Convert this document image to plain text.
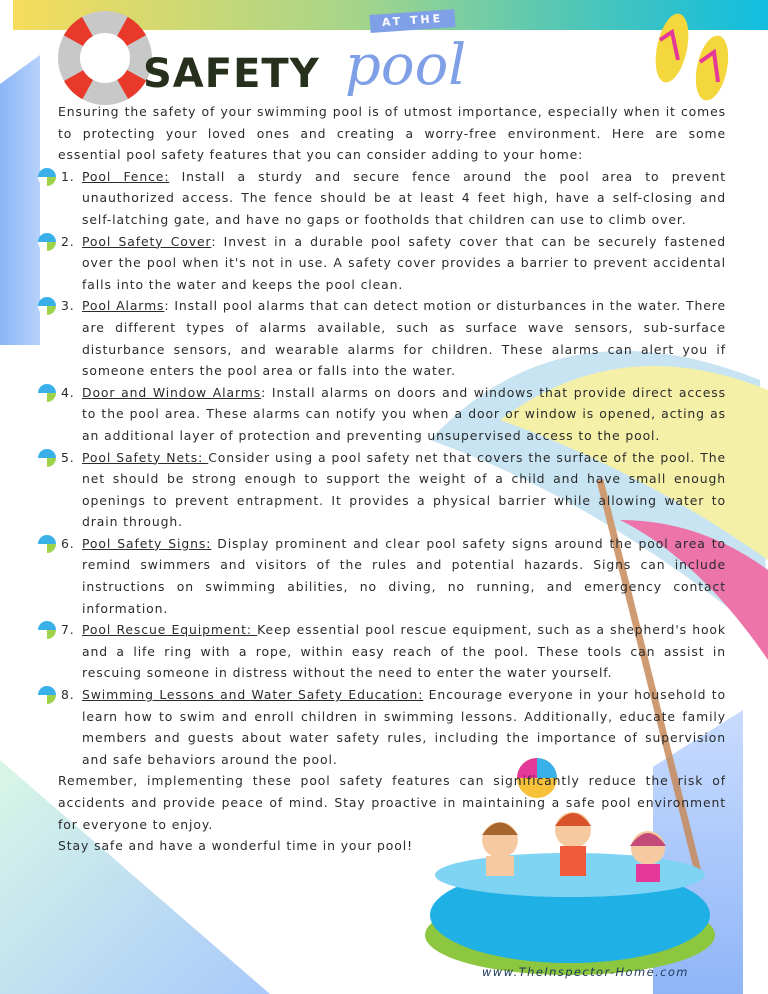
AT THE
pool
SAFETY

Ensuring the safety of your swimming pool is of utmost importance, especially when it comes to protecting your loved ones and creating a worry-free environment. Here are some essential pool safety features that you can consider adding to your home:

1. Pool Fence: Install a sturdy and secure fence around the pool area to prevent unauthorized access. The fence should be at least 4 feet high, have a self-closing and self-latching gate, and have no gaps or footholds that children can use to climb over.

2. Pool Safety Cover: Invest in a durable pool safety cover that can be securely fastened over the pool when it's not in use. A safety cover provides a barrier to prevent accidental falls into the water and keeps the pool clean.

3. Pool Alarms: Install pool alarms that can detect motion or disturbances in the water. There are different types of alarms available, such as surface wave sensors, sub-surface disturbance sensors, and wearable alarms for children. These alarms can alert you if someone enters the pool area or falls into the water.

4. Door and Window Alarms: Install alarms on doors and windows that provide direct access to the pool area. These alarms can notify you when a door or window is opened, acting as an additional layer of protection and preventing unsupervised access to the pool.

5. Pool Safety Nets: Consider using a pool safety net that covers the surface of the pool. The net should be strong enough to support the weight of a child and have small enough openings to prevent entrapment. It provides a physical barrier while allowing water to drain through.

6. Pool Safety Signs: Display prominent and clear pool safety signs around the pool area to remind swimmers and visitors of the rules and potential hazards. Signs can include instructions on swimming abilities, no diving, no running, and emergency contact information.

7. Pool Rescue Equipment: Keep essential pool rescue equipment, such as a shepherd's hook and a life ring with a rope, within easy reach of the pool. These tools can assist in rescuing someone in distress without the need to enter the water yourself.

8. Swimming Lessons and Water Safety Education: Encourage everyone in your household to learn how to swim and enroll children in swimming lessons. Additionally, educate family members and guests about water safety rules, including the importance of supervision and safe behaviors around the pool.

Remember, implementing these pool safety features can significantly reduce the risk of accidents and provide peace of mind. Stay proactive in maintaining a safe pool environment for everyone to enjoy.

Stay safe and have a wonderful time in your pool!

www.TheInspector-Home.com
